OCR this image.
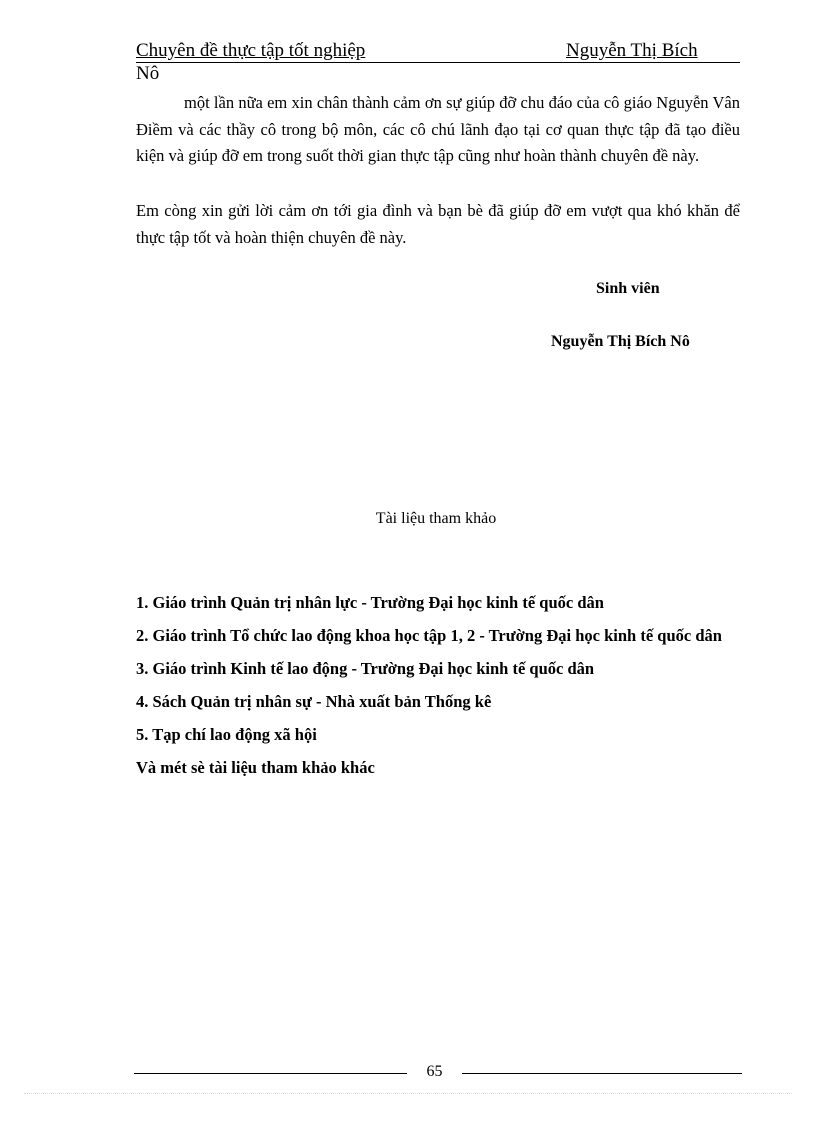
Chuyên đề thực tập tốt nghiệp	Nguyễn Thị Bích
Nô

một lần nữa em xin chân thành cảm ơn sự giúp đỡ chu đáo của cô giáo Nguyễn Vân Điềm và các thầy cô trong bộ môn, các cô chú lãnh đạo tại cơ quan thực tập đã tạo điều kiện và giúp đỡ em trong suốt thời gian thực tập cũng như hoàn thành chuyên đề này.

Em còng xin gửi lời cảm ơn tới gia đình và bạn bè đã giúp đỡ em vượt qua khó khăn để thực tập tốt và hoàn thiện chuyên đề này.

Sinh viên
Nguyễn Thị Bích Nô
Tài liệu tham khảo
1. Giáo trình Quản trị nhân lực - Trường Đại học kinh tế quốc dân
2. Giáo trình Tổ chức lao động khoa học tập 1, 2 - Trường Đại học kinh tế quốc dân
3. Giáo trình Kinh tế lao động - Trường Đại học kinh tế quốc dân
4. Sách Quản trị nhân sự - Nhà xuất bản Thống kê
5. Tạp chí lao động xã hội
Và mét sè tài liệu tham khảo khác
65
